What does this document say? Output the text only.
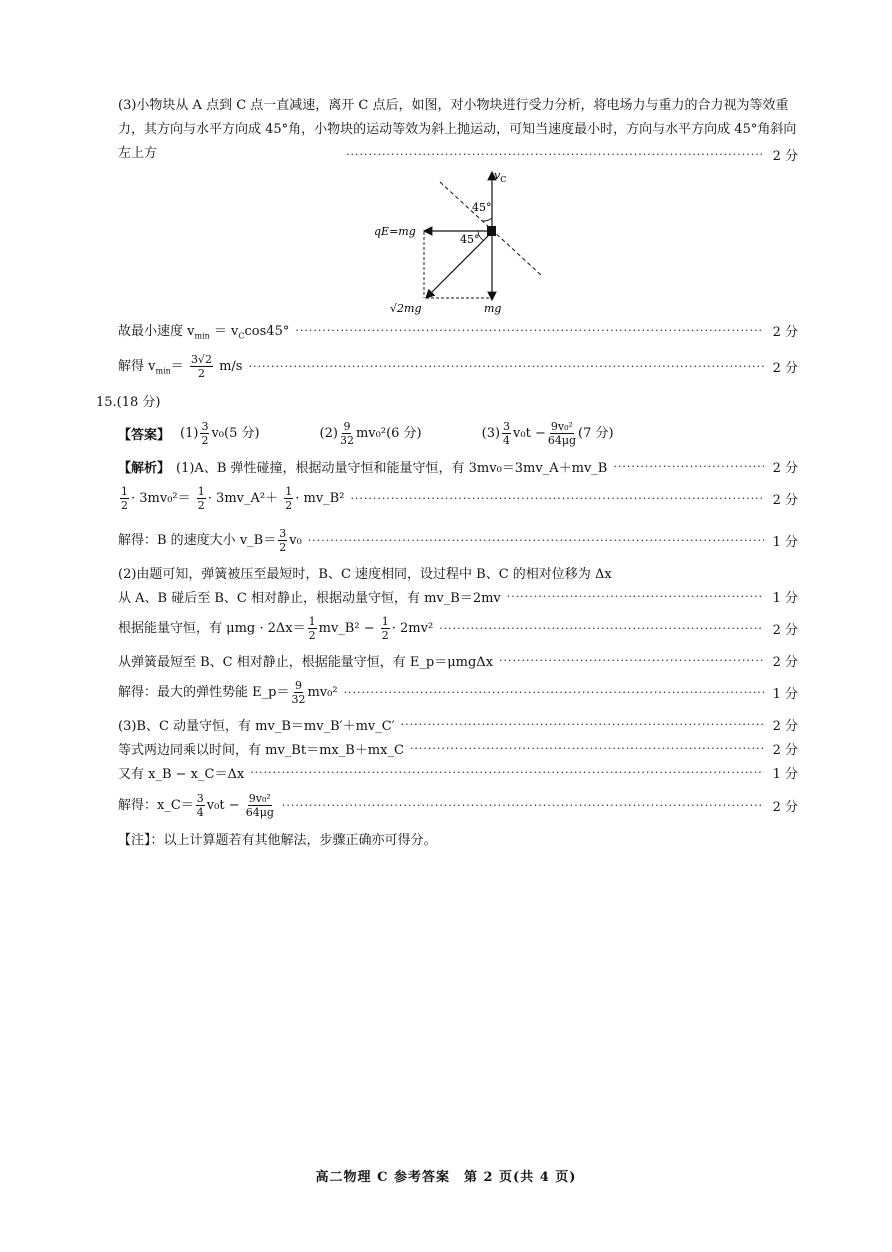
(3)小物块从 A 点到 C 点一直减速，离开 C 点后，如图，对小物块进行受力分析，将电场力与重力的合力视为等效重力，其方向与水平方向成 45°角，小物块的运动等效为斜上抛运动，可知当速度最小时，方向与水平方向成 45°角斜向左上方 ·····	2 分
$v_C$
45°
qE=mg
45°
mg
√2mg
故最小速度 $v_{min} = v_C\cos 45^\circ$ ·····	2 分
解得 $v_{min}= \frac{3√2}{2} m/s$ ·····	2 分
15.(18 分)
【答案】 $(1) \frac{3}{2} v_0(5$ 分)	$(2) \frac{9}{32} mv_0^2(6$ 分)	$(3) \frac{3}{4} v_0t - \frac{\text{9v₀²}}{64\mu g} (7$ 分)
【解析】 (1)A、B 弹性碰撞，根据动量守恒和能量守恒，有 3mv₀＝3mv_A＋mv_B ·····	2 分
$\frac{1}{2} \cdot 3mv_0^2= \frac{1}{2}$ · 3mv_A²＋ $\frac{1}{2}$ · mv_B² ·····	2 分
解得：B 的速度大小 v_B＝ $\frac{3}{2} v_0$ ·····	1 分
(2)由题可知，弹簧被压至最短时，B、C 速度相同，设过程中 B、C 的相对位移为 Δx
从 A、B 碰后至 B、C 相对静止，根据动量守恒，有 mv_B＝2mv ·····	1 分
根据能量守恒，有 $\mu mg \cdot 2\Delta x= \frac{1}{2}$ mv_B² − $\frac{1}{2} \cdot 2mv^2$ ·····	2 分
从弹簧最短至 B、C 相对静止，根据能量守恒，有 E_p＝μmgΔx ·····	2 分
解得：最大的弹性势能 E_p＝ $\frac{9}{32} mv_0^2$ ·····	1 分
(3)B、C 动量守恒，有 mv_B＝mv_B′＋mv_C′ ·····	2 分
等式两边同乘以时间，有 mv_Bt＝mx_B＋mx_C ·····	2 分
又有 x_B − x_C＝Δx ·····	1 分
解得：x_C＝ $\frac{3}{4} v_0t - \frac{\text{9v₀²}}{64\mu g}$ ·····	2 分
【注】：以上计算题若有其他解法，步骤正确亦可得分。
高二物理 C 参考答案　第 2 页(共 4 页)
